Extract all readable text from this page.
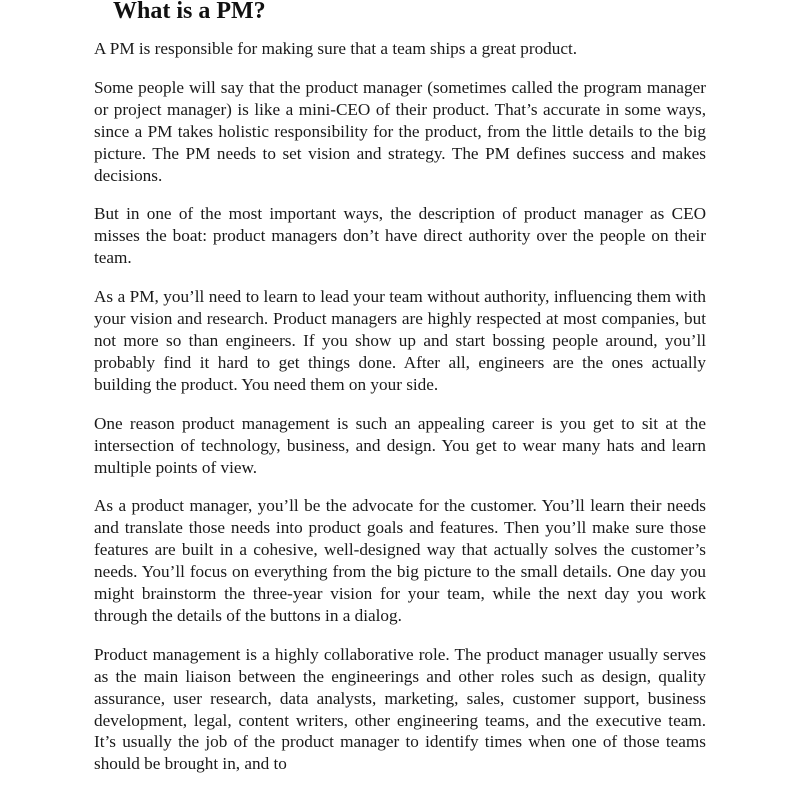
What is a PM?

A PM is responsible for making sure that a team ships a great product.

Some people will say that the product manager (sometimes called the program manager or project manager) is like a mini-CEO of their product. That’s accurate in some ways, since a PM takes holistic responsibility for the product, from the little details to the big picture. The PM needs to set vision and strategy. The PM defines success and makes decisions.

But in one of the most important ways, the description of product manager as CEO misses the boat: product managers don’t have direct authority over the people on their team.

As a PM, you’ll need to learn to lead your team without authority, influencing them with your vision and research. Product managers are highly respected at most companies, but not more so than engineers. If you show up and start bossing people around, you’ll probably find it hard to get things done. After all, engineers are the ones actually building the product. You need them on your side.

One reason product management is such an appealing career is you get to sit at the intersection of technology, business, and design. You get to wear many hats and learn multiple points of view.

As a product manager, you’ll be the advocate for the customer. You’ll learn their needs and translate those needs into product goals and features. Then you’ll make sure those features are built in a cohesive, well-designed way that actually solves the customer’s needs. You’ll focus on everything from the big picture to the small details. One day you might brainstorm the three-year vision for your team, while the next day you work through the details of the buttons in a dialog.

Product management is a highly collaborative role. The product manager usually serves as the main liaison between the engineerings and other roles such as design, quality assurance, user research, data analysts, marketing, sales, customer support, business development, legal, content writers, other engineering teams, and the executive team. It’s usually the job of the product manager to identify times when one of those teams should be brought in, and to
